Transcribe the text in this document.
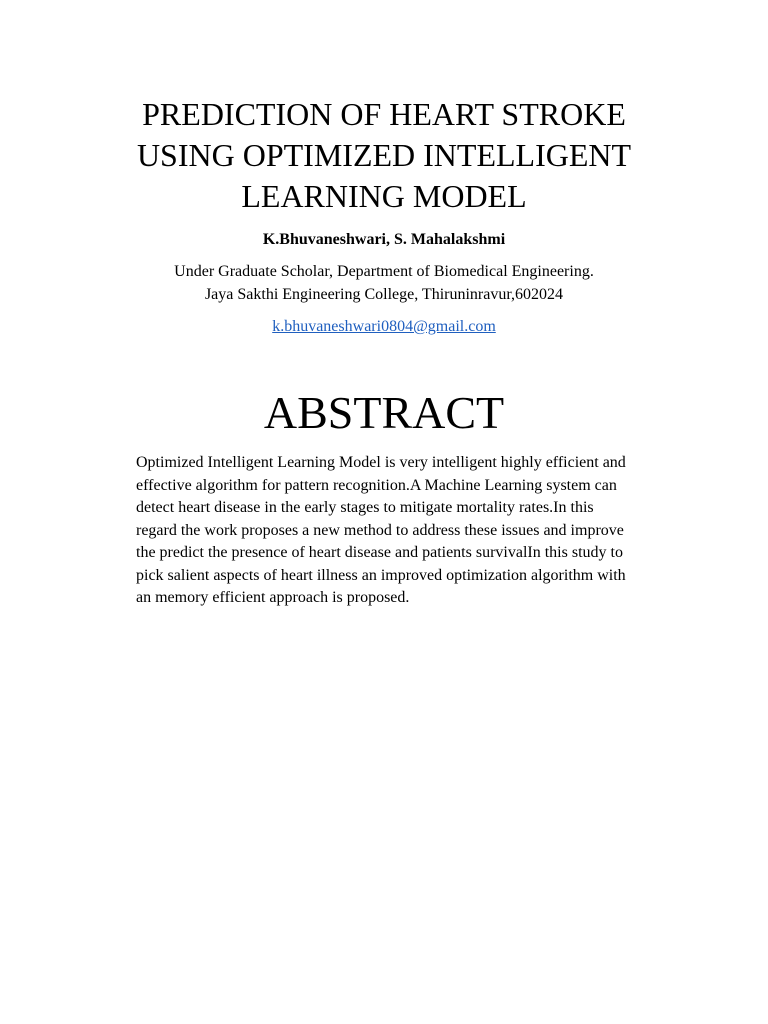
PREDICTION OF HEART STROKE
USING OPTIMIZED INTELLIGENT
LEARNING MODEL
K.Bhuvaneshwari, S. Mahalakshmi
Under Graduate Scholar, Department of Biomedical Engineering.
Jaya Sakthi Engineering College, Thiruninravur,602024
k.bhuvaneshwari0804@gmail.com
ABSTRACT
Optimized Intelligent Learning Model is very intelligent highly efficient and
effective algorithm for pattern recognition.A Machine Learning system can
detect heart disease in the early stages to mitigate mortality rates.In this
regard the work proposes a new method to address these issues and improve
the predict the presence of heart disease and patients survivalIn this study to
pick salient aspects of heart illness an improved optimization algorithm with
an memory efficient approach is proposed.
